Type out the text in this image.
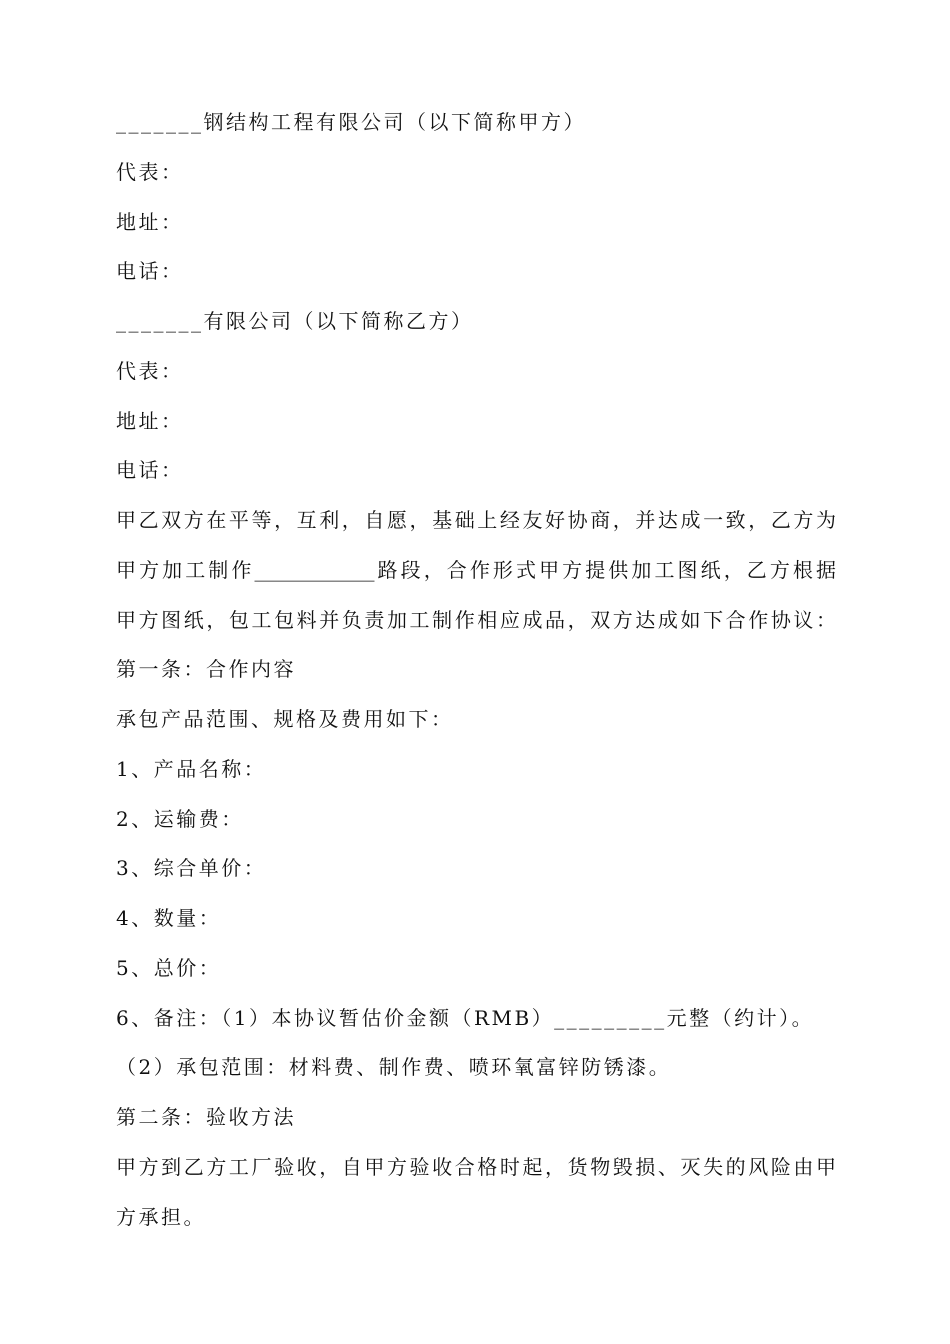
_______钢结构工程有限公司（以下简称甲方）
代表：
地址：
电话：
_______有限公司（以下简称乙方）
代表：
地址：
电话：
甲乙双方在平等，互利，自愿，基础上经友好协商，并达成一致，乙方为
甲方加工制作____________路段，合作形式甲方提供加工图纸，乙方根据
甲方图纸，包工包料并负责加工制作相应成品，双方达成如下合作协议：
第一条：合作内容
承包产品范围、规格及费用如下：
1、产品名称：
2、运输费：
3、综合单价：
4、数量：
5、总价：
6、备注：（1）本协议暂估价金额（RMB）_________元整（约计）。
（2）承包范围：材料费、制作费、喷环氧富锌防锈漆。
第二条：验收方法
甲方到乙方工厂验收，自甲方验收合格时起，货物毁损、灭失的风险由甲
方承担。
